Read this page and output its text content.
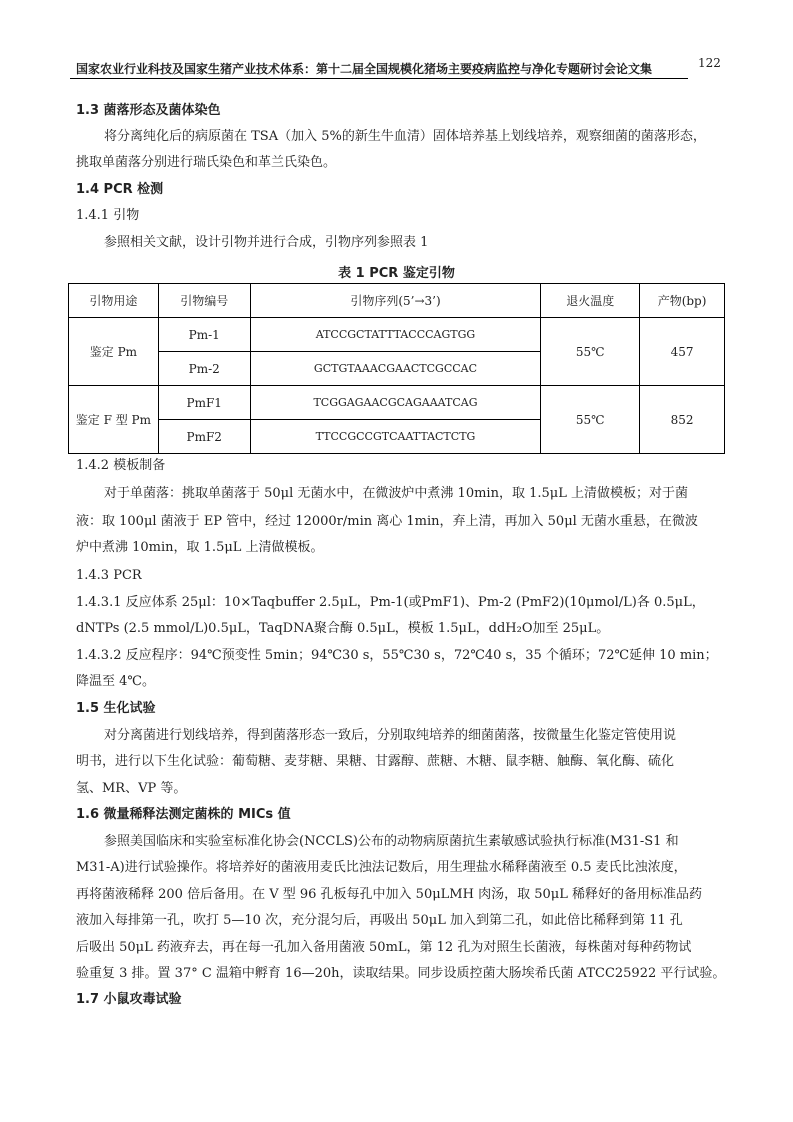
国家农业行业科技及国家生猪产业技术体系：第十二届全国规模化猪场主要疫病监控与净化专题研讨会论文集	122
1.3 菌落形态及菌体染色
将分离纯化后的病原菌在 TSA（加入 5%的新生牛血清）固体培养基上划线培养，观察细菌的菌落形态，
挑取单菌落分别进行瑞氏染色和革兰氏染色。
1.4 PCR 检测
1.4.1 引物
参照相关文献，设计引物并进行合成，引物序列参照表 1
表 1 PCR 鉴定引物
引物用途	引物编号	引物序列(5’→3’)	退火温度	产物(bp)
鉴定 Pm	Pm-1	ATCCGCTATTTACCCAGTGG	55℃	457
	Pm-2	GCTGTAAACGAACTCGCCAC		
鉴定 F 型 Pm	PmF1	TCGGAGAACGCAGAAATCAG	55℃	852
	PmF2	TTCCGCCGTCAATTACTCTG		
1.4.2 模板制备
对于单菌落：挑取单菌落于 50μl 无菌水中，在微波炉中煮沸 10min，取 1.5μL 上清做模板；对于菌
液：取 100μl 菌液于 EP 管中，经过 12000r/min 离心 1min，弃上清，再加入 50μl 无菌水重悬，在微波
炉中煮沸 10min，取 1.5μL 上清做模板。
1.4.3 PCR
1.4.3.1 反应体系 25μl：10×Taqbuffer 2.5μL，Pm-1(或PmF1)、Pm-2 (PmF2)(10μmol/L)各 0.5μL，
dNTPs (2.5 mmol/L)0.5μL，TaqDNA聚合酶 0.5μL，模板 1.5μL，ddH₂O加至 25μL。
1.4.3.2 反应程序：94℃预变性 5min；94℃30 s，55℃30 s，72℃40 s，35 个循环；72℃延伸 10 min；
降温至 4℃。
1.5 生化试验
对分离菌进行划线培养，得到菌落形态一致后，分别取纯培养的细菌菌落，按微量生化鉴定管使用说
明书，进行以下生化试验：葡萄糖、麦芽糖、果糖、甘露醇、蔗糖、木糖、鼠李糖、触酶、氧化酶、硫化
氢、MR、VP 等。
1.6 微量稀释法测定菌株的 MICs 值
参照美国临床和实验室标准化协会(NCCLS)公布的动物病原菌抗生素敏感试验执行标准(M31-S1 和
M31-A)进行试验操作。将培养好的菌液用麦氏比浊法记数后，用生理盐水稀释菌液至 0.5 麦氏比浊浓度，
再将菌液稀释 200 倍后备用。在 V 型 96 孔板每孔中加入 50μLMH 肉汤，取 50μL 稀释好的备用标准品药
液加入每排第一孔，吹打 5—10 次，充分混匀后，再吸出 50μL 加入到第二孔，如此倍比稀释到第 11 孔
后吸出 50μL 药液弃去，再在每一孔加入备用菌液 50mL，第 12 孔为对照生长菌液，每株菌对每种药物试
验重复 3 排。置 37° C 温箱中孵育 16—20h，读取结果。同步设质控菌大肠埃希氏菌 ATCC25922 平行试验。
1.7 小鼠攻毒试验
